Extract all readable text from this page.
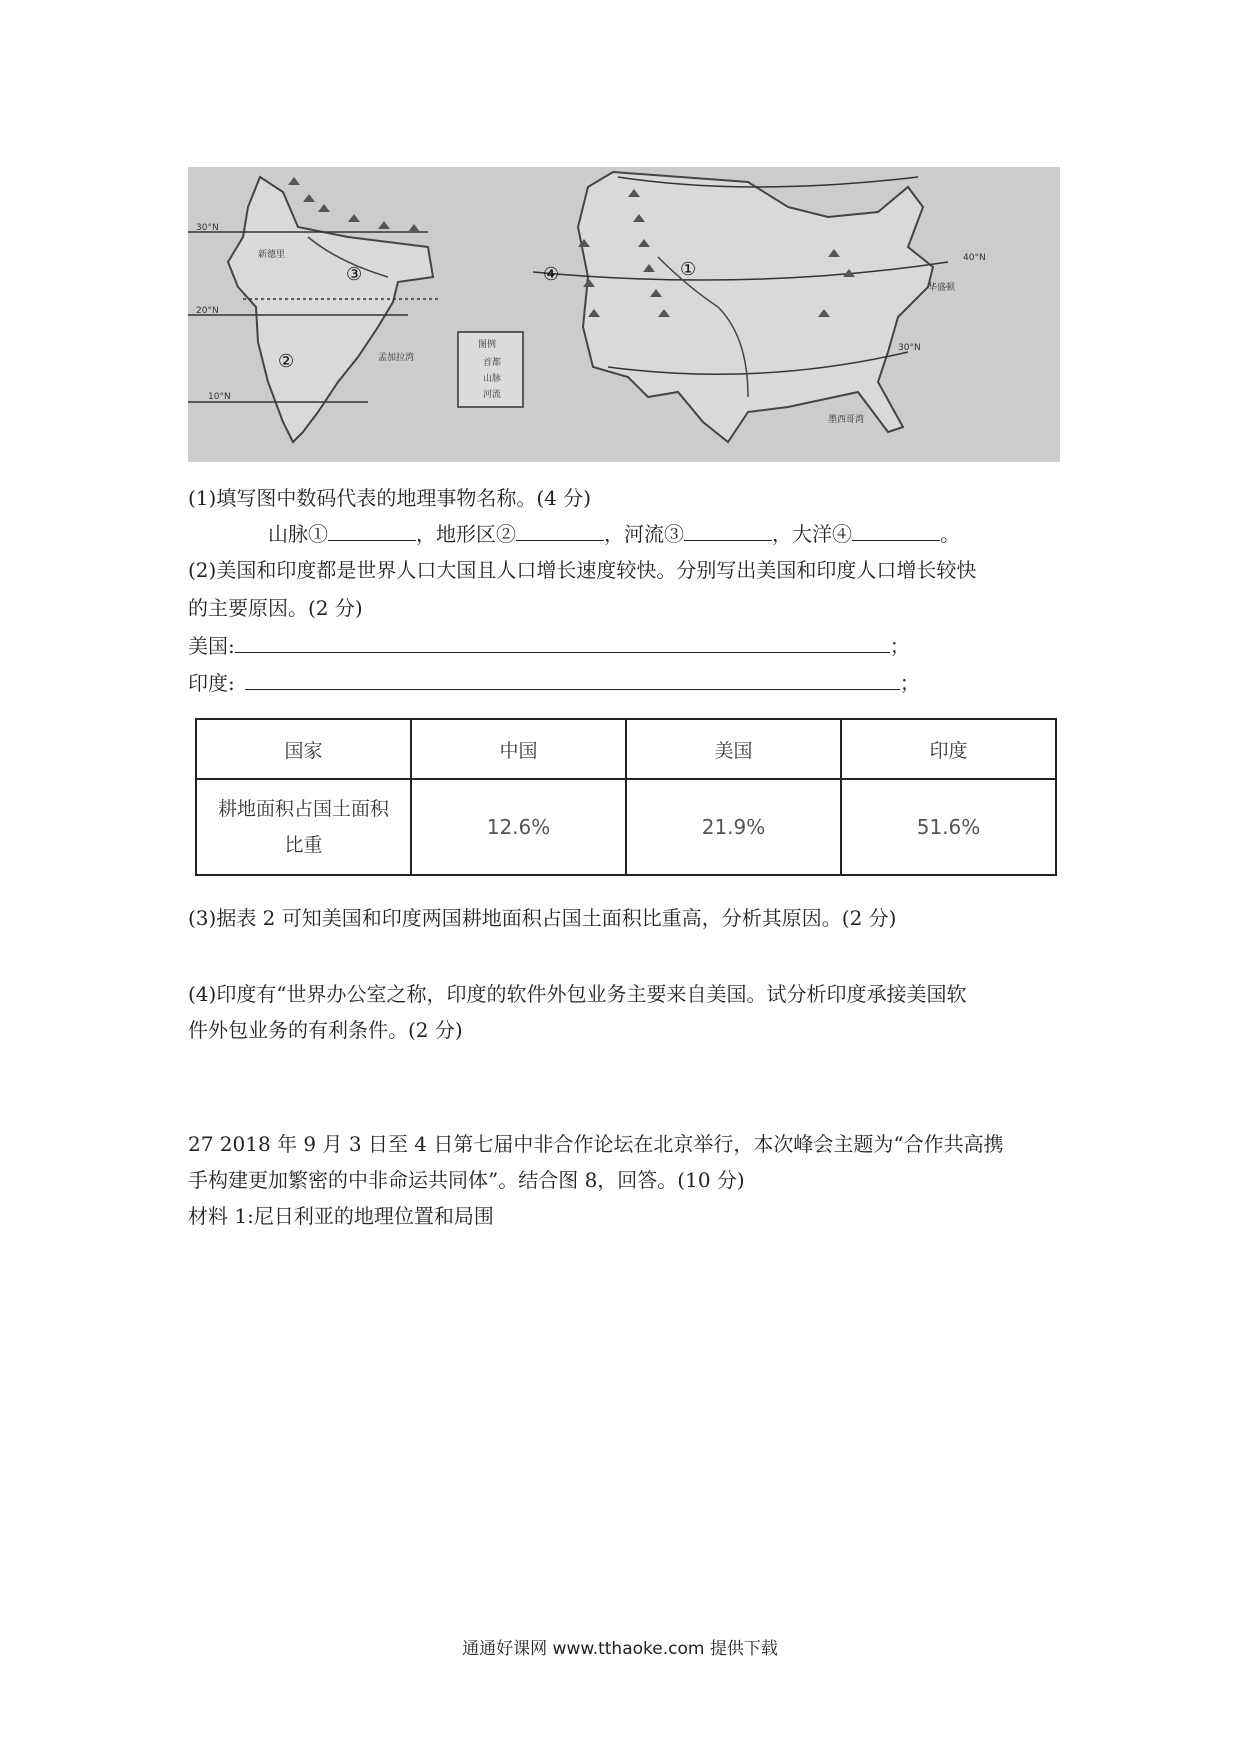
③
②
④	①
30°N
20°N
10°N
40°N
30°N
图例
首都
山脉
河流
新德里
华盛顿
孟加拉湾
墨西哥湾
(1)填写图中数码代表的地理事物名称。(4 分)
山脉①	，地形区②	，河流③	，大洋④	。
(2)美国和印度都是世界人口大国且人口增长速度较快。分别写出美国和印度人口增长较快
的主要原因。(2 分)
美国:	；
印度:	；
国家	中国	美国	印度
耕地面积占国土面积
比重	12.6%	21.9%	51.6%
(3)据表 2 可知美国和印度两国耕地面积占国土面积比重高，分析其原因。(2 分)
(4)印度有“世界办公室之称，印度的软件外包业务主要来自美国。试分析印度承接美国软
件外包业务的有利条件。(2 分)
27 2018 年 9 月 3 日至 4 日第七届中非合作论坛在北京举行，本次峰会主题为“合作共高携
手构建更加繁密的中非命运共同体”。结合图 8，回答。(10 分)
材料 1:尼日利亚的地理位置和局围
通通好课网 www.tthaoke.com 提供下载
